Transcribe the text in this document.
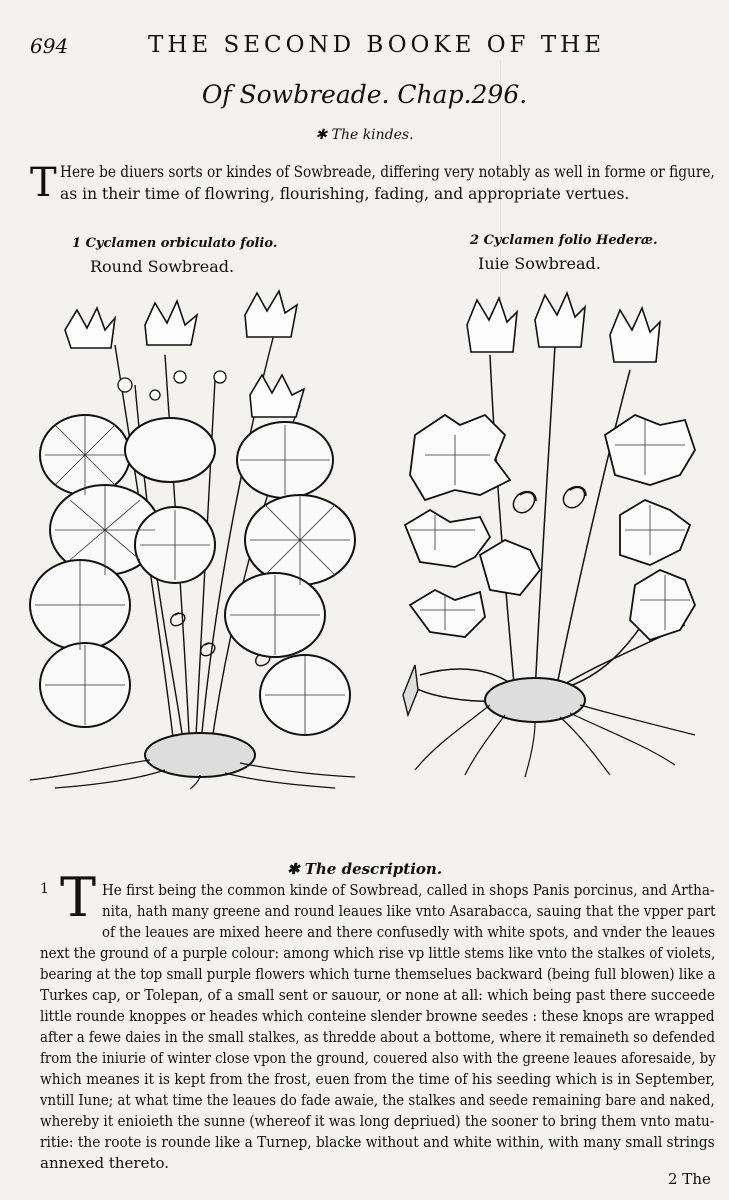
694	THE SECOND BOOKE OF THE
Of Sowbreade. Chap.296.
✱ The kindes.
T Here be diuers sorts or kindes of Sowbreade, differing very notably as well in forme or figure,
as in their time of flowring, flourishing, fading, and appropriate vertues.
1 Cyclamen orbiculato folio.
Round Sowbread.
2 Cyclamen folio Hederæ.
Iuie Sowbread.
✱ The description.
1 T He first being the common kinde of Sowbread, called in shops Panis porcinus, and Artha-
nita, hath many greene and round leaues like vnto Asarabacca, sauing that the vpper part
of the leaues are mixed heere and there confusedly with white spots, and vnder the leaues
next the ground of a purple colour: among which rise vp little stems like vnto the stalkes of violets,
bearing at the top small purple flowers which turne themselues backward (being full blowen) like a
Turkes cap, or Tolepan, of a small sent or sauour, or none at all: which being past there succeede
little rounde knoppes or heades which conteine slender browne seedes : these knops are wrapped
after a fewe daies in the small stalkes, as thredde about a bottome, where it remaineth so defended
from the iniurie of winter close vpon the ground, couered also with the greene leaues aforesaide, by
which meanes it is kept from the frost, euen from the time of his seeding which is in September,
vntill Iune; at what time the leaues do fade awaie, the stalkes and seede remaining bare and naked,
whereby it enioieth the sunne (whereof it was long depriued) the sooner to bring them vnto matu-
ritie: the roote is rounde like a Turnep, blacke without and white within, with many small strings
annexed thereto.
2 The
